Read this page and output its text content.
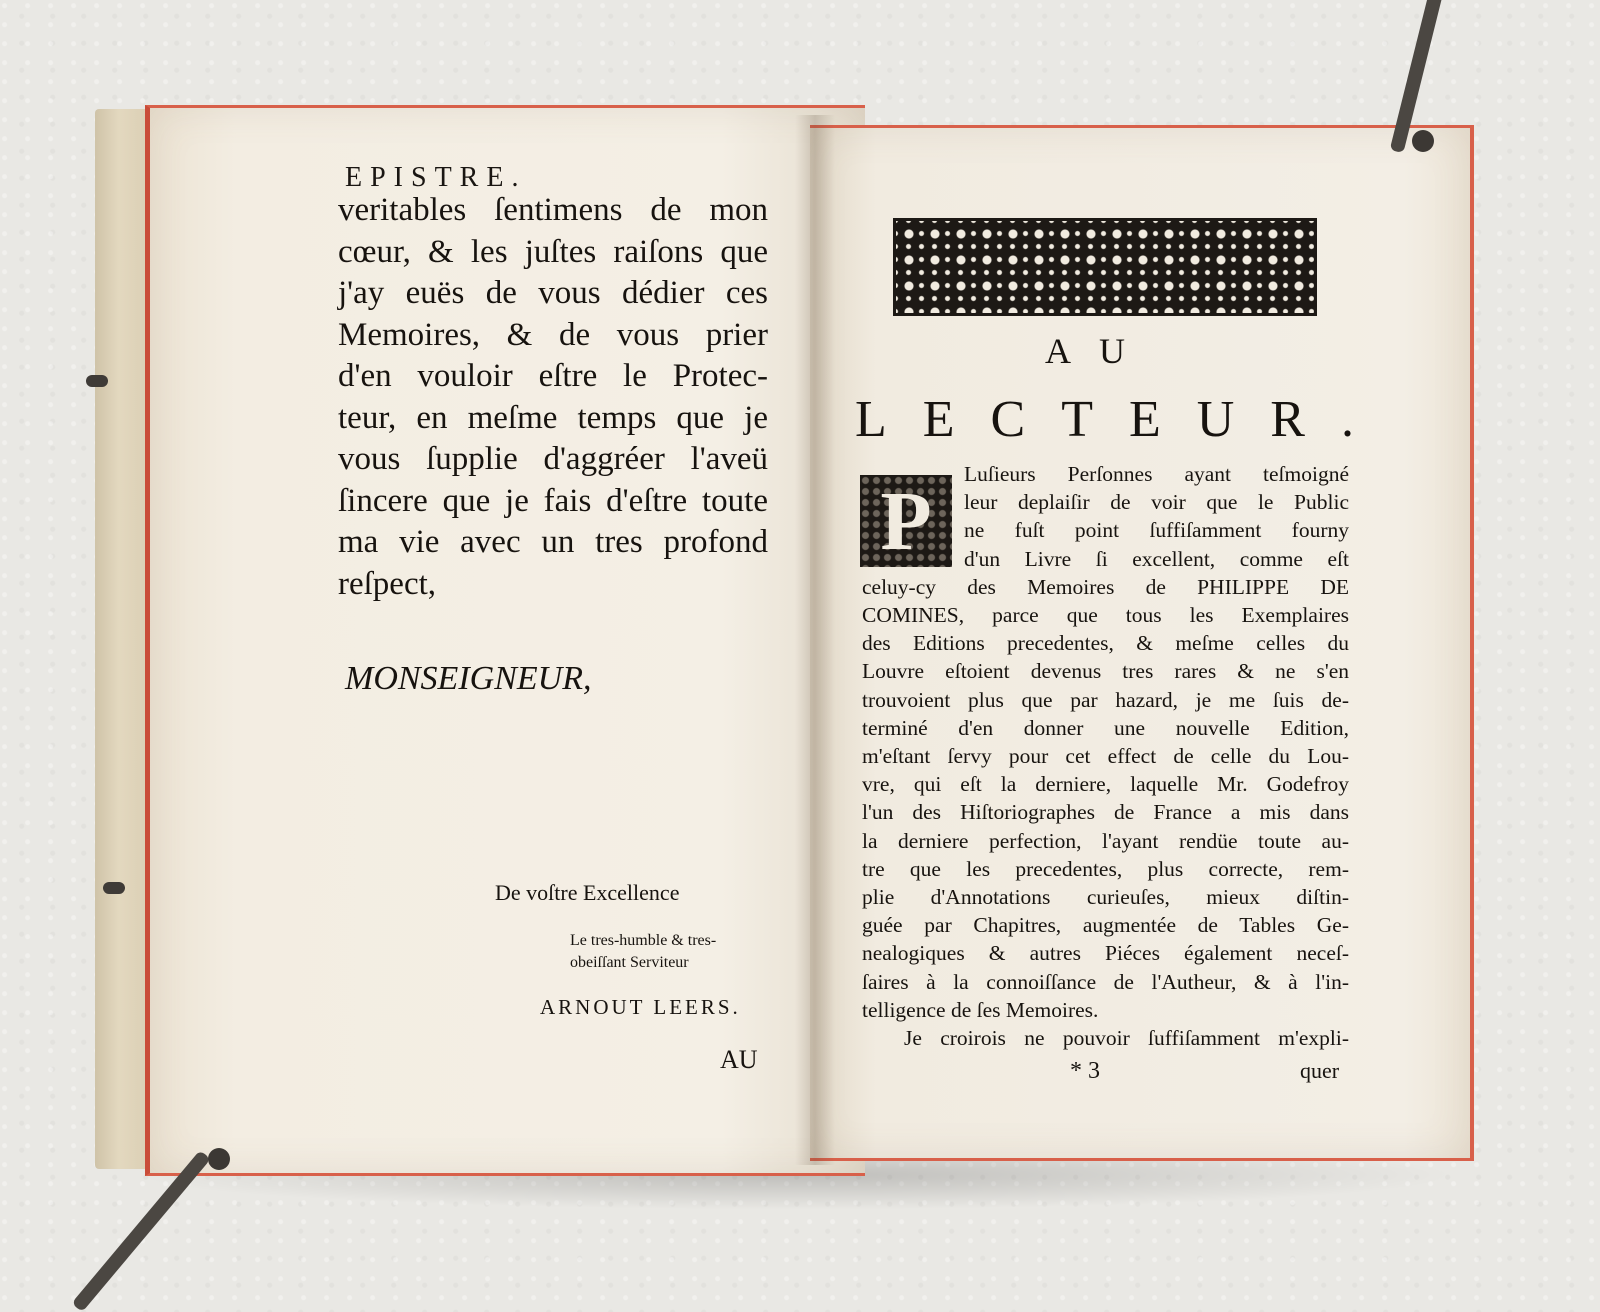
EPISTRE.
veritables ſentimens de mon
cœur, & les juſtes raiſons que
j'ay euës de vous dédier ces
Memoires, & de vous prier
d'en vouloir eſtre le Protec-
teur, en meſme temps que je
vous ſupplie d'aggréer l'aveü
ſincere que je fais d'eſtre toute
ma vie avec un tres profond
reſpect,
MONSEIGNEUR,
De voſtre Excellence
Le tres-humble & tres-
obeiſſant Serviteur
ARNOUT LEERS.
AU
AU
LECTEUR.
P
Luſieurs Perſonnes ayant teſmoigné
leur deplaiſir de voir que le Public
ne fuſt point ſuffiſamment fourny
d'un Livre ſi excellent, comme eſt
celuy-cy des Memoires de PHILIPPE DE
COMINES, parce que tous les Exemplaires
des Editions precedentes, & meſme celles du
Louvre eſtoient devenus tres rares & ne s'en
trouvoient plus que par hazard, je me ſuis de-
terminé d'en donner une nouvelle Edition,
m'eſtant ſervy pour cet effect de celle du Lou-
vre, qui eſt la derniere, laquelle Mr. Godefroy
l'un des Hiſtoriographes de France a mis dans
la derniere perfection, l'ayant rendüe toute au-
tre que les precedentes, plus correcte, rem-
plie d'Annotations curieuſes, mieux diſtin-
guée par Chapitres, augmentée de Tables Ge-
nealogiques & autres Piéces également neceſ-
ſaires à la connoiſſance de l'Autheur, & à l'in-
telligence de ſes Memoires.
Je croirois ne pouvoir ſuffiſamment m'expli-
* 3	quer
